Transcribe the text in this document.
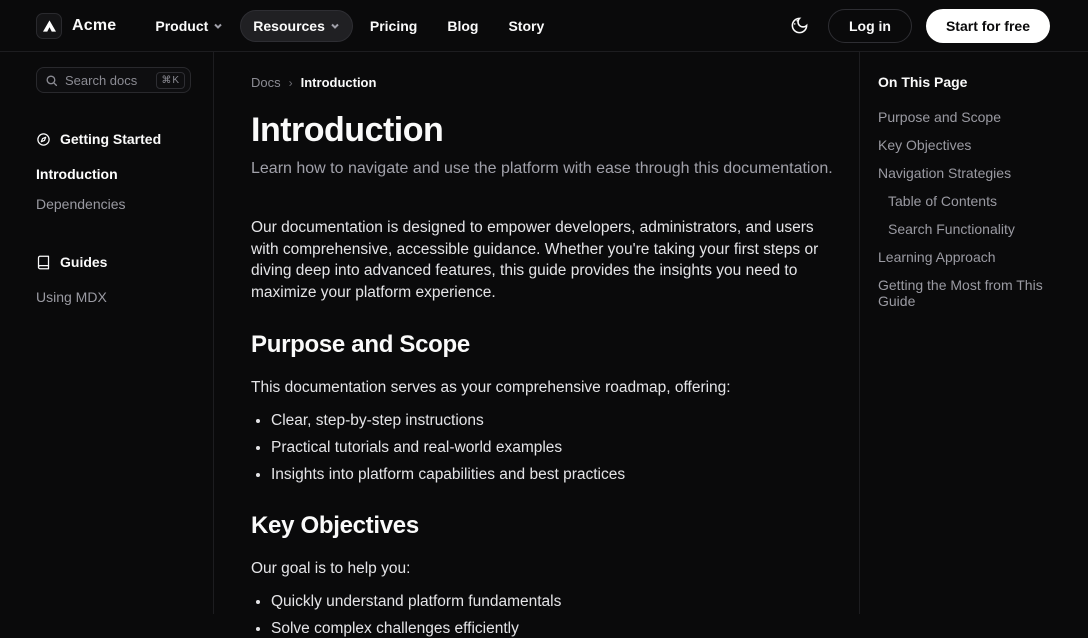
Acme	Product	Resources	Pricing Blog Story	Log in	Start for free
Search docs	⌘K
Getting Started
Introduction
Dependencies
Guides
Using MDX
Docs › Introduction
Introduction

Learn how to navigate and use the platform with ease through this documentation.

Our documentation is designed to empower developers, administrators, and users with comprehensive, accessible guidance. Whether you're taking your first steps or diving deep into advanced features, this guide provides the insights you need to maximize your platform experience.

Purpose and Scope

This documentation serves as your comprehensive roadmap, offering:

• Clear, step-by-step instructions
• Practical tutorials and real-world examples
• Insights into platform capabilities and best practices
Key Objectives

Our goal is to help you:

• Quickly understand platform fundamentals
• Solve complex challenges efficiently
On This Page
Purpose and Scope
Key Objectives
Navigation Strategies
Table of Contents
Search Functionality
Learning Approach
Getting the Most from This Guide
